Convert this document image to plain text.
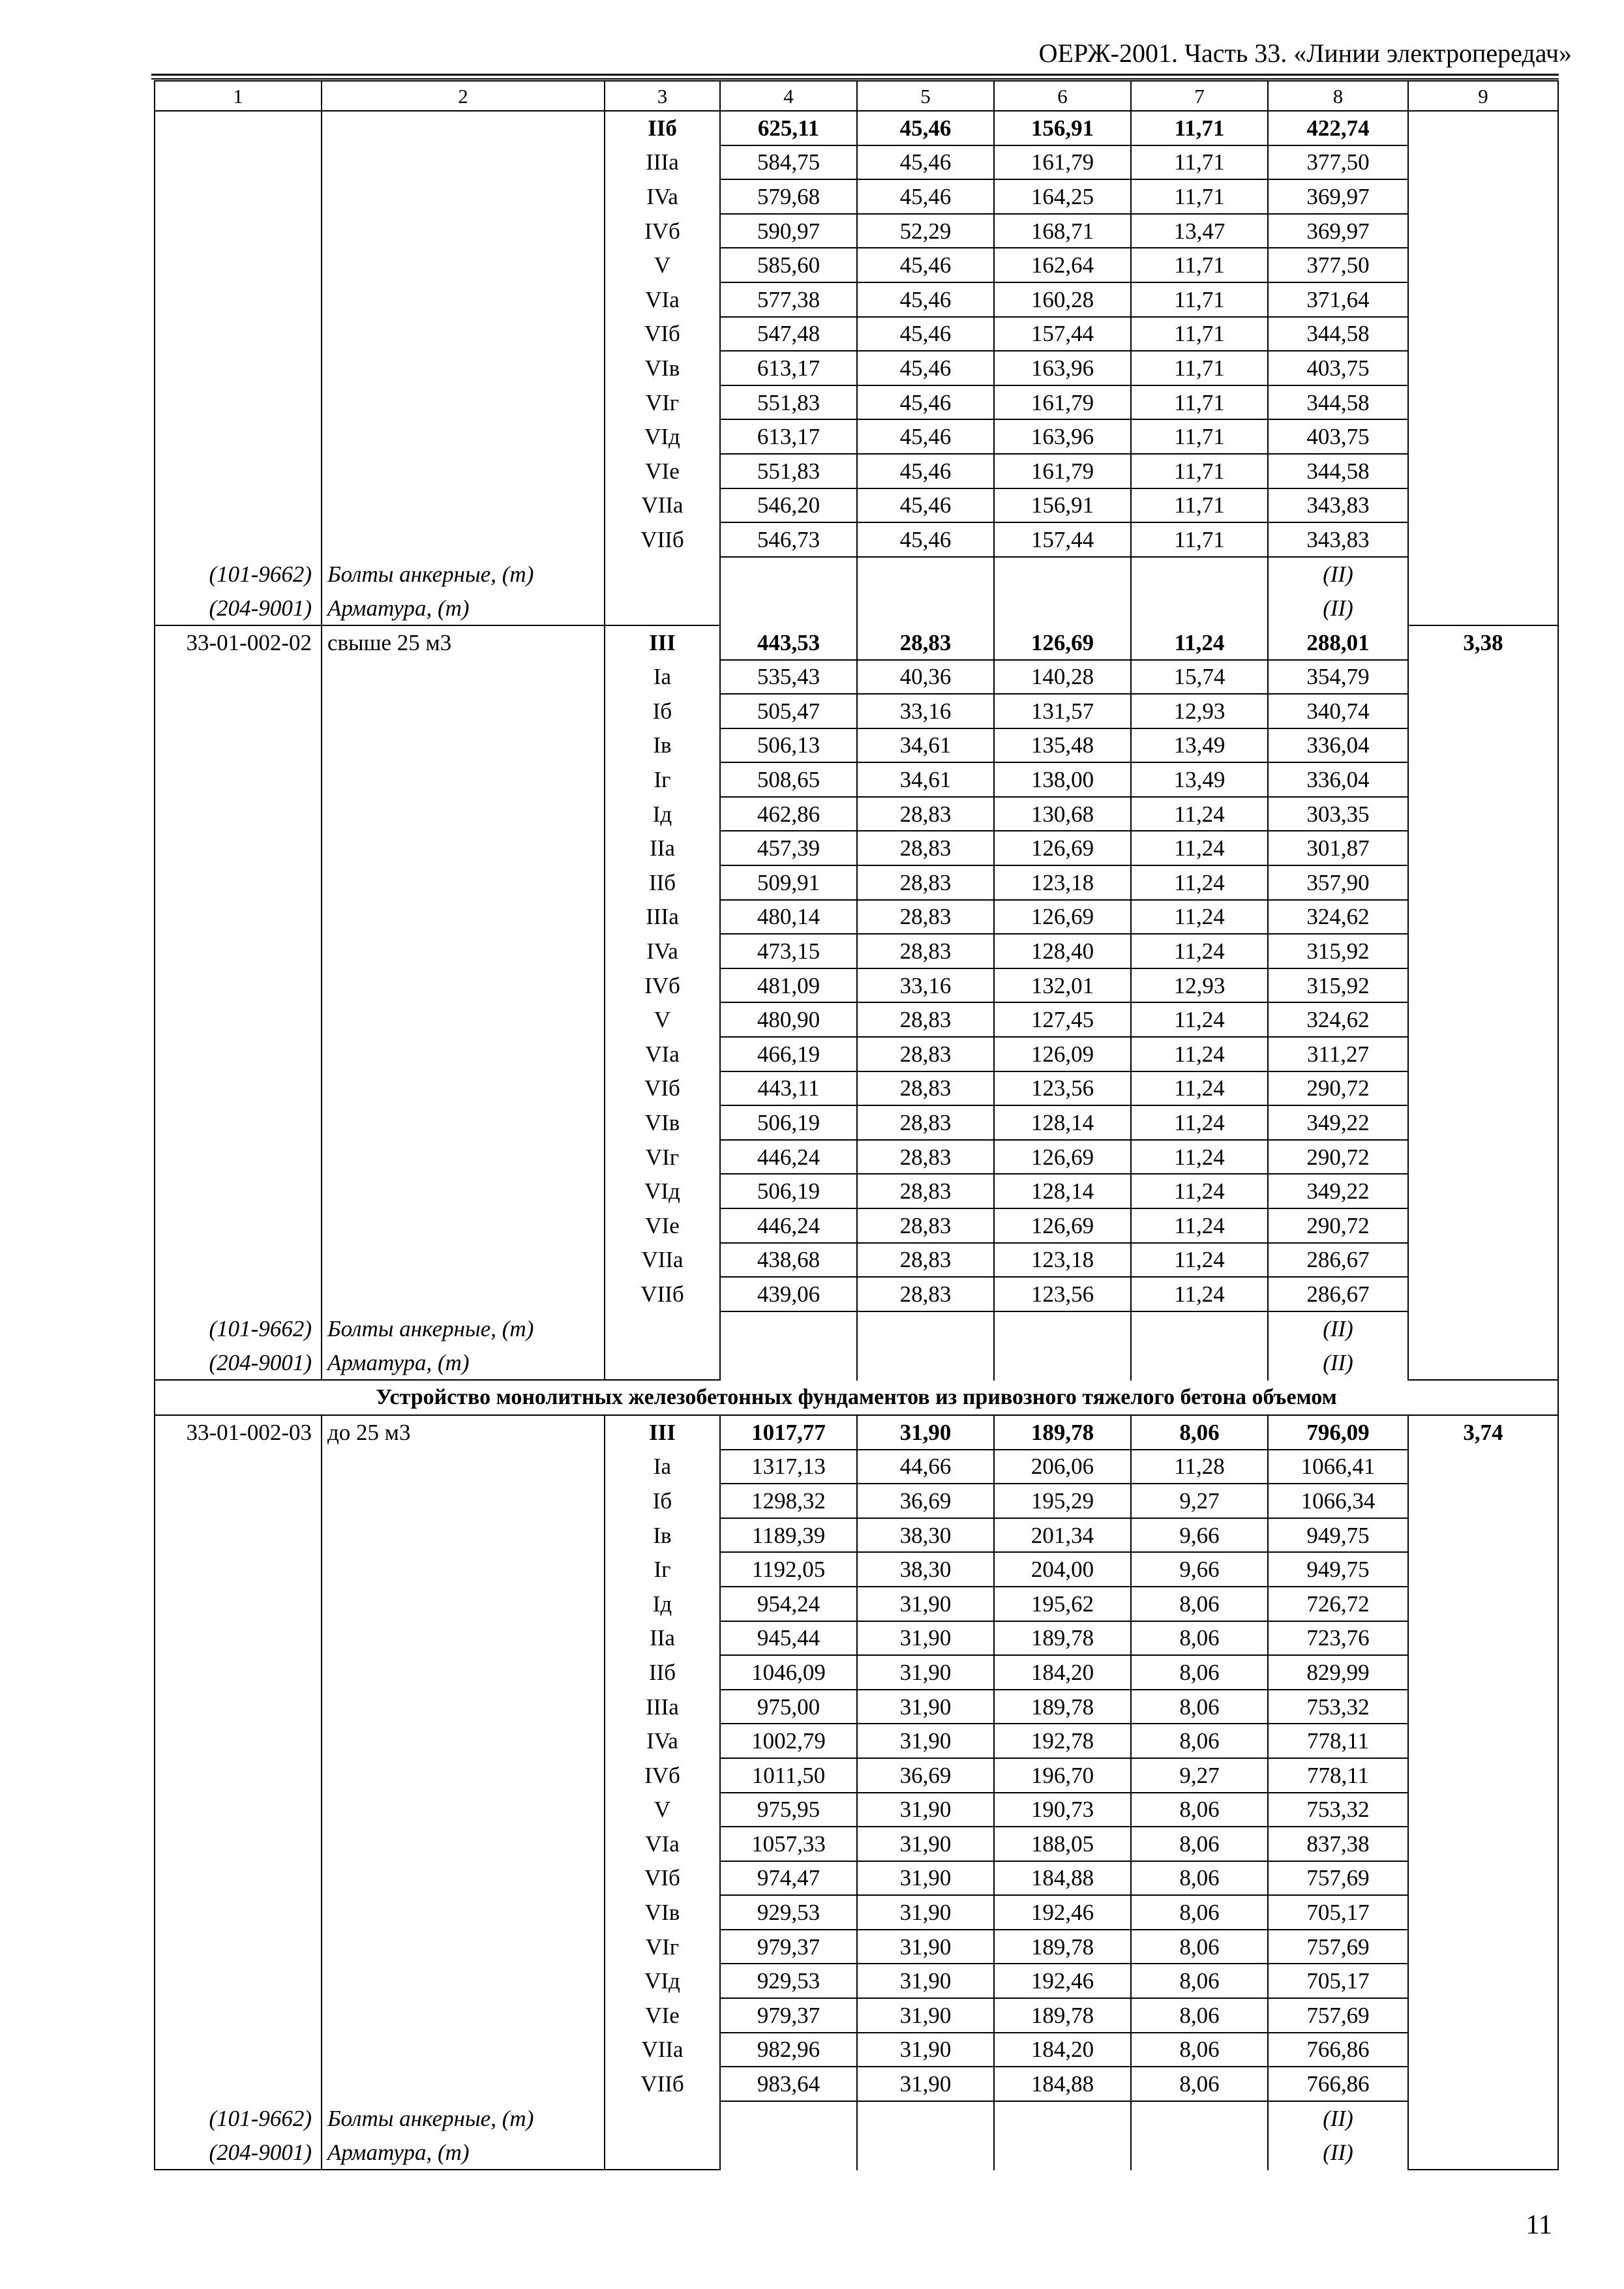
ОЕРЖ-2001. Часть 33. «Линии электропередач»
1	2	3	4	5	6	7	8	9
		IIб	625,11	45,46	156,91	11,71	422,74	
		IIIa	584,75	45,46	161,79	11,71	377,50	
		IVa	579,68	45,46	164,25	11,71	369,97	
		IVб	590,97	52,29	168,71	13,47	369,97	
		V	585,60	45,46	162,64	11,71	377,50	
		VIa	577,38	45,46	160,28	11,71	371,64	
		VIб	547,48	45,46	157,44	11,71	344,58	
		VIв	613,17	45,46	163,96	11,71	403,75	
		VIг	551,83	45,46	161,79	11,71	344,58	
		VIд	613,17	45,46	163,96	11,71	403,75	
		VIе	551,83	45,46	161,79	11,71	344,58	
		VIIa	546,20	45,46	156,91	11,71	343,83	
		VIIб	546,73	45,46	157,44	11,71	343,83	
(101-9662)	Болты анкерные, (т)						(II)	
(204-9001)	Арматура, (т)						(II)	
33-01-002-02	свыше 25 м3	III	443,53	28,83	126,69	11,24	288,01	3,38
		Ia	535,43	40,36	140,28	15,74	354,79	
		Iб	505,47	33,16	131,57	12,93	340,74	
		Iв	506,13	34,61	135,48	13,49	336,04	
		Iг	508,65	34,61	138,00	13,49	336,04	
		Iд	462,86	28,83	130,68	11,24	303,35	
		IIa	457,39	28,83	126,69	11,24	301,87	
		IIб	509,91	28,83	123,18	11,24	357,90	
		IIIa	480,14	28,83	126,69	11,24	324,62	
		IVa	473,15	28,83	128,40	11,24	315,92	
		IVб	481,09	33,16	132,01	12,93	315,92	
		V	480,90	28,83	127,45	11,24	324,62	
		VIa	466,19	28,83	126,09	11,24	311,27	
		VIб	443,11	28,83	123,56	11,24	290,72	
		VIв	506,19	28,83	128,14	11,24	349,22	
		VIг	446,24	28,83	126,69	11,24	290,72	
		VIд	506,19	28,83	128,14	11,24	349,22	
		VIе	446,24	28,83	126,69	11,24	290,72	
		VIIa	438,68	28,83	123,18	11,24	286,67	
		VIIб	439,06	28,83	123,56	11,24	286,67	
(101-9662)	Болты анкерные, (т)						(II)	
(204-9001)	Арматура, (т)						(II)	
Устройство монолитных железобетонных фундаментов из привозного тяжелого бетона объемом								
33-01-002-03	до 25 м3	III	1017,77	31,90	189,78	8,06	796,09	3,74
		Ia	1317,13	44,66	206,06	11,28	1066,41	
		Iб	1298,32	36,69	195,29	9,27	1066,34	
		Iв	1189,39	38,30	201,34	9,66	949,75	
		Iг	1192,05	38,30	204,00	9,66	949,75	
		Iд	954,24	31,90	195,62	8,06	726,72	
		IIa	945,44	31,90	189,78	8,06	723,76	
		IIб	1046,09	31,90	184,20	8,06	829,99	
		IIIa	975,00	31,90	189,78	8,06	753,32	
		IVa	1002,79	31,90	192,78	8,06	778,11	
		IVб	1011,50	36,69	196,70	9,27	778,11	
		V	975,95	31,90	190,73	8,06	753,32	
		VIa	1057,33	31,90	188,05	8,06	837,38	
		VIб	974,47	31,90	184,88	8,06	757,69	
		VIв	929,53	31,90	192,46	8,06	705,17	
		VIг	979,37	31,90	189,78	8,06	757,69	
		VIд	929,53	31,90	192,46	8,06	705,17	
		VIе	979,37	31,90	189,78	8,06	757,69	
		VIIa	982,96	31,90	184,20	8,06	766,86	
		VIIб	983,64	31,90	184,88	8,06	766,86	
(101-9662)	Болты анкерные, (т)						(II)	
(204-9001)	Арматура, (т)						(II)	
11
